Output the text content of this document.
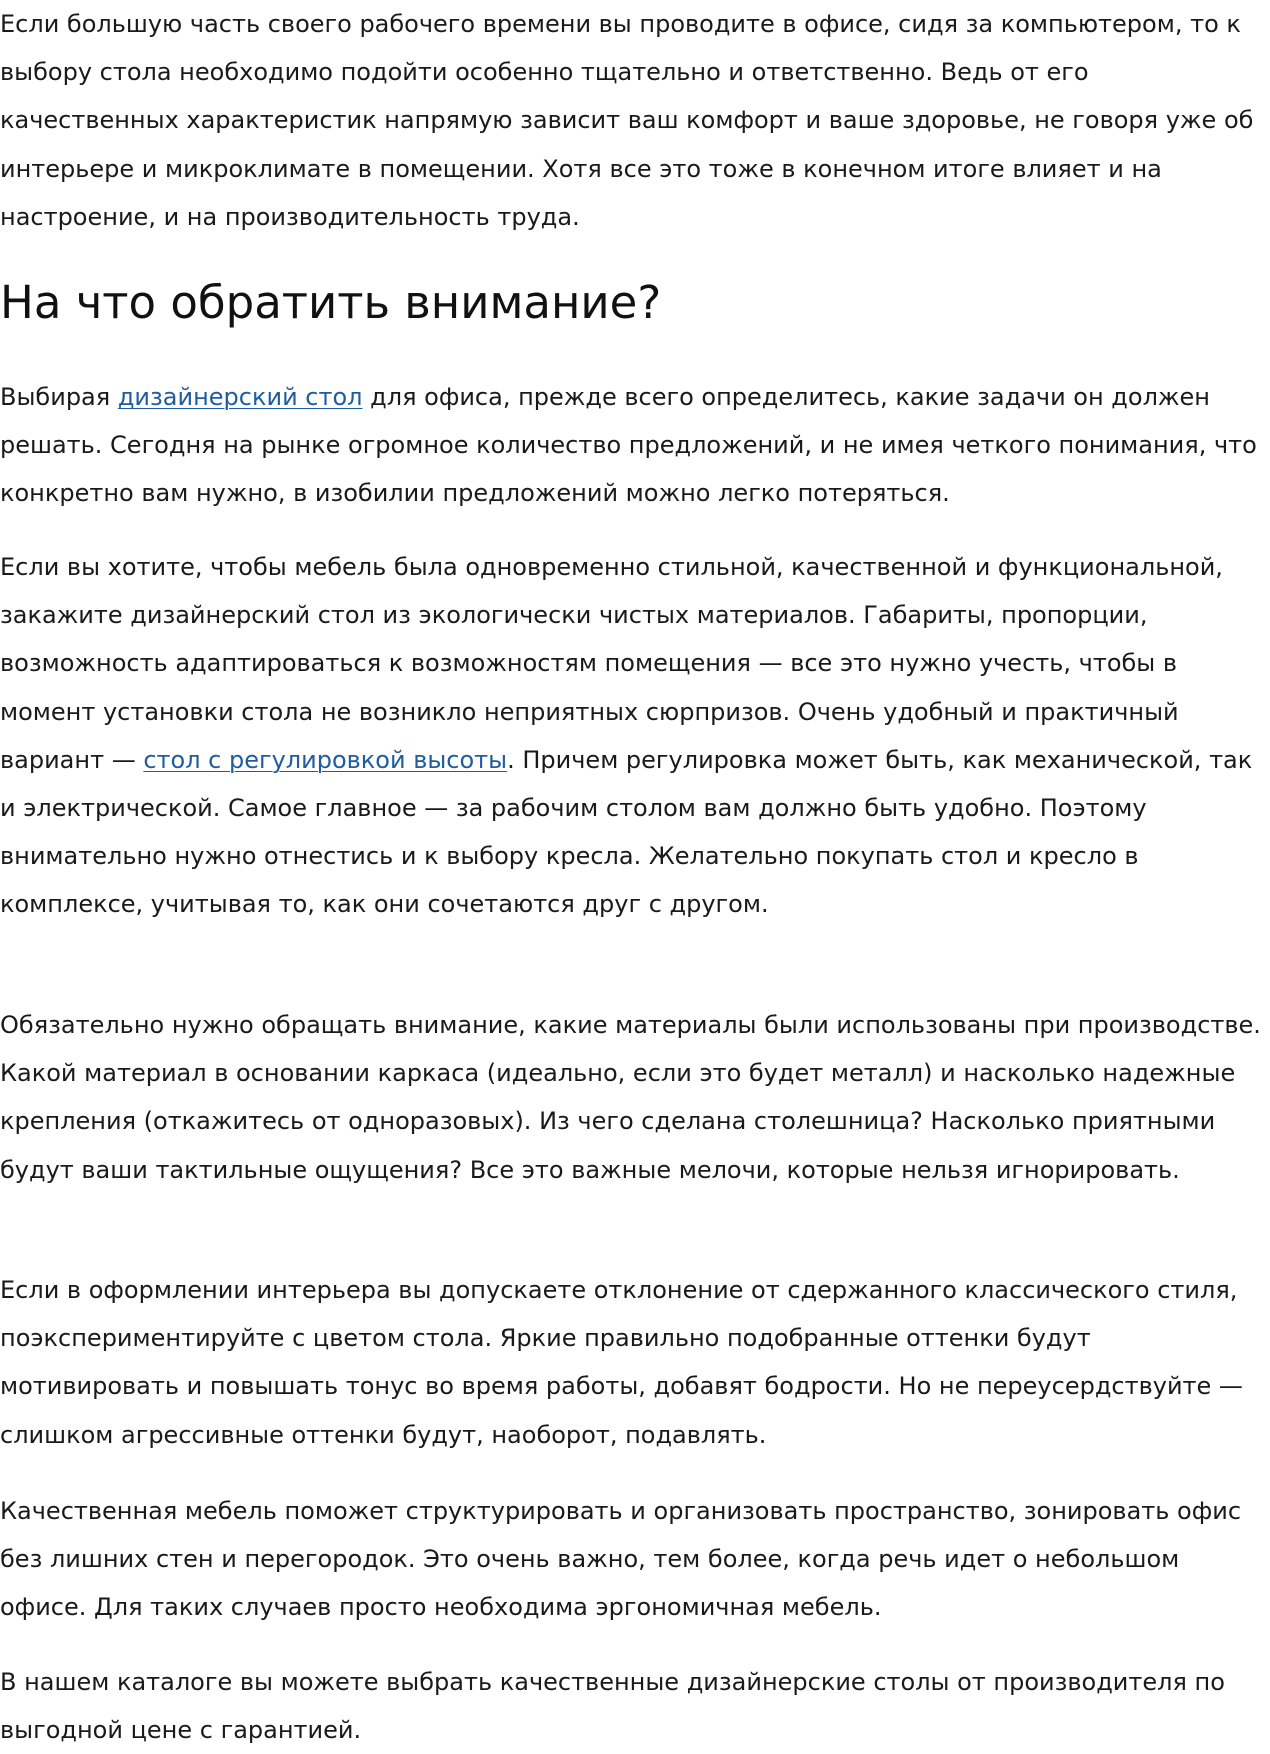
Если большую часть своего рабочего времени вы проводите в офисе, сидя за компьютером, то к выбору стола необходимо подойти особенно тщательно и ответственно. Ведь от его качественных характеристик напрямую зависит ваш комфорт и ваше здоровье, не говоря уже об интерьере и микроклимате в помещении. Хотя все это тоже в конечном итоге влияет и на настроение, и на производительность труда.

На что обратить внимание?

Выбирая дизайнерский стол для офиса, прежде всего определитесь, какие задачи он должен решать. Сегодня на рынке огромное количество предложений, и не имея четкого понимания, что конкретно вам нужно, в изобилии предложений можно легко потеряться.

Если вы хотите, чтобы мебель была одновременно стильной, качественной и функциональной, закажите дизайнерский стол из экологически чистых материалов. Габариты, пропорции, возможность адаптироваться к возможностям помещения — все это нужно учесть, чтобы в момент установки стола не возникло неприятных сюрпризов. Очень удобный и практичный вариант — стол с регулировкой высоты. Причем регулировка может быть, как механической, так и электрической. Самое главное — за рабочим столом вам должно быть удобно. Поэтому внимательно нужно отнестись и к выбору кресла. Желательно покупать стол и кресло в комплексе, учитывая то, как они сочетаются друг с другом.

Обязательно нужно обращать внимание, какие материалы были использованы при производстве. Какой материал в основании каркаса (идеально, если это будет металл) и насколько надежные крепления (откажитесь от одноразовых). Из чего сделана столешница? Насколько приятными будут ваши тактильные ощущения? Все это важные мелочи, которые нельзя игнорировать.

Если в оформлении интерьера вы допускаете отклонение от сдержанного классического стиля, поэкспериментируйте с цветом стола. Яркие правильно подобранные оттенки будут мотивировать и повышать тонус во время работы, добавят бодрости. Но не переусердствуйте — слишком агрессивные оттенки будут, наоборот, подавлять.

Качественная мебель поможет структурировать и организовать пространство, зонировать офис без лишних стен и перегородок. Это очень важно, тем более, когда речь идет о небольшом офисе. Для таких случаев просто необходима эргономичная мебель.

В нашем каталоге вы можете выбрать качественные дизайнерские столы от производителя по выгодной цене с гарантией.
